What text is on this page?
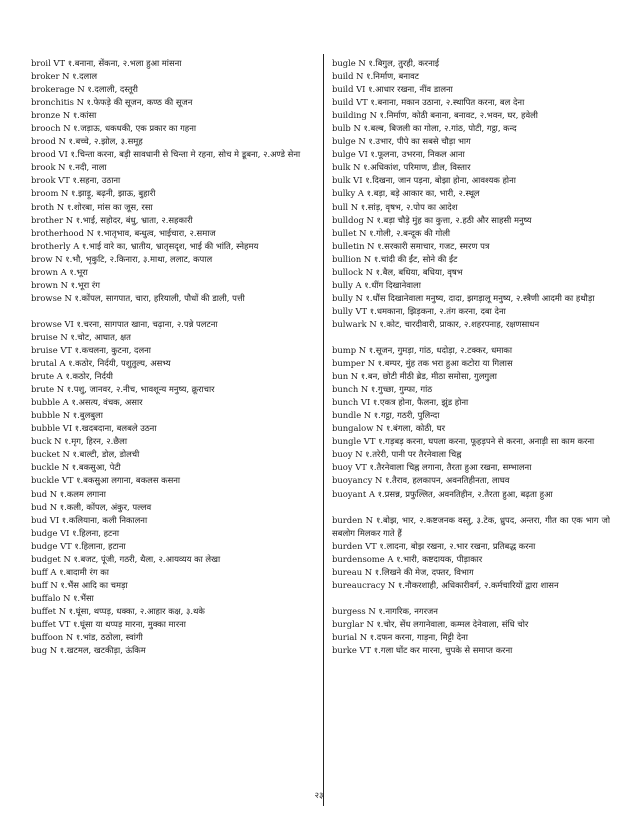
broil VT १.बनाना, सेंकना, २.भला हुआ मांसना
broker N १.दलाल
brokerage N १.दलाली, दस्तूरी
bronchitis N १.फेफड़े की सूजन, कण्ठ की सूजन
bronze N १.कांसा
brooch N १.जड़ाऊ, धकधकी, एक प्रकार का गहना
brood N १.बच्चे, २.झोल, ३.समूह
brood VI १.चिन्ता करना, बड़ी सावधानी से चिन्ता मे रहना, सोच मे डूबना, २.अण्डे सेना
brook N १.नदी, नाला
brook VT १.सहना, उठाना
broom N १.झाड़ू, बढ़नी, झाऊ, बुहारी
broth N १.शोरबा, मांस का जूस, रसा
brother N १.भाई, सहोदर, बंधु, भ्राता, २.सहकारी
brotherhood N १.भातृभाव, बन्धुत्व, भाईचारा, २.समाज
brotherly A १.भाई वारे का, भ्रातीय, भ्रातृसदृश, भाई की भांति, स्नेहमय
brow N १.भौ, भृकुटि, २.किनारा, ३.माथा, ललाट, कपाल
brown A १.भूरा
brown N १.भूरा रंग
browse N १.कोंपल, सागपात, चारा, हरियाली, पौधों की डाली, पत्ती
browse VI १.चरना, सागपात खाना, चढ़ाना, २.पन्ने पलटना
bruise N १.चोट, आघात, क्षत
bruise VT १.कचलना, कुटना, दलना
brutal A १.कठोर, निर्दयी, पशुतुल्य, असभ्य
brute A १.कठोर, निर्दयी
brute N १.पशु, जानवर, २.नीच, भावशून्य मनुष्य, क्रूराचार
bubble A १.असत्य, वंचक, असार
bubble N १.बुलबुला
bubble VI १.खदबदाना, बलबले उठना
buck N १.मृग, हिरन, २.छैला
bucket N १.बाल्टी, डोल, डोलची
buckle N १.बकसुआ, पेटी
buckle VT १.बकसुआ लगाना, बकलस कसना
bud N १.कलम लगाना
bud N १.कली, कोंपल, अंकुर, पल्लव
bud VI १.कलियाना, कली निकालना
budge VI १.हिलना, हटना
budge VT १.हिलाना, हटाना
budget N १.बजट, पूंजी, गठरी, थैला, २.आयव्यय का लेखा
buff A १.बादामी रंग का
buff N १.भैंस आदि का चमड़ा
buffalo N १.भैंसा
buffet N १.घूंसा, थप्पड़, धक्का, २.आहार कक्ष, ३.थके
buffet VT १.घूंसा या थप्पड़ मारना, मुक्का मारना
buffoon N १.भांड, ठठोला, स्वांगी
bug N १.खटमल, खटकीड़ा, ऊंकिम
bugle N १.बिगुल, तुरही, करनाई
build N १.निर्माण, बनावट
build VI १.आधार रखना, नींव डालना
build VT १.बनाना, मकान उठाना, २.स्थापित करना, बल देना
building N १.निर्माण, कोठी बनाना, बनावट, २.भवन, घर, हवेली
bulb N १.बल्ब, बिजली का गोला, २.गांठ, पोटी, गट्ठा, कन्द
bulge N १.उभार, पीपे का सबसे चौड़ा भाग
bulge VI १.फूलना, उभरना, निकल आना
bulk N १.अधिकांश, परिमाण, डील, विस्तार
bulk VI १.दिखना, जान पड़ना, बोझा होना, आवश्यक होना
bulky A १.बड़ा, बड़े आकार का, भारी, २.स्थूल
bull N १.सांड़, वृषभ, २.पोप का आदेश
bulldog N १.बड़ा चौड़े मुंह का कुत्ता, २.हठी और साहसी मनुष्य
bullet N १.गोली, २.बन्दूक की गोली
bulletin N १.सरकारी समाचार, गजट, स्मरण पत्र
bullion N १.चांदी की ईंट, सोने की ईंट
bullock N १.बैल, बधिया, बधिया, वृषभ
bully A १.धींग दिखानेवाला
bully N १.धौंस दिखानेवाला मनुष्य, दादा, झगड़ालू मनुष्य, २.स्त्रैणी आदमी का हथौड़ा
bully VT १.धमकाना, झिड़कना, २.तंग करना, दबा देना
bulwark N १.कोट, चारदीवारी, प्राकार, २.शहरपनाह, रक्षणसाधन
bump N १.सूजन, गुमड़ा, गांठ, धदोड़ा, २.टक्कर, धमाका
bumper N १.बम्पर, मुंह तक भरा हुआ कटोरा या गिलास
bun N १.बन, छोटी मीठी ब्रेड, मीठा समोसा, गुलगुला
bunch N १.गुच्छा, गुम्फा, गांठ
bunch VI १.एकत्र होना, फैलना, झुंड होना
bundle N १.गट्ठा, गठरी, पुलिन्दा
bungalow N १.बंगला, कोठी, घर
bungle VT १.गड़बड़ करना, घपला करना, फूहड़पने से करना, अनाड़ी सा काम करना
buoy N १.तरेरी, पानी पर तैरनेवाला चिह्न
buoy VT १.तैरनेवाला चिह्न लगाना, तैरता हुआ रखना, सम्भालना
buoyancy N १.तैराव, हलकापन, अवनतिहीनता, लाघव
buoyant A १.प्रसन्न, प्रफुल्लित, अवनतिहीन, २.तैरता हुआ, बढ़ता हुआ
burden N १.बोझ, भार, २.कष्टजनक वस्तु, ३.टेक, ध्रुपद, अन्तरा, गीत का एक भाग जो सबलोग मिलकर गाते हैं
burden VT १.लादना, बोझ रखना, २.भार रखना, प्रतिबद्ध करना
burdensome A १.भारी, कष्टदायक, पीड़ाकार
bureau N १.लिखने की मेज, दफ्तर, विभाग
bureaucracy N १.नौकरशाही, अधिकारीवर्ग, २.कर्मचारियों द्वारा शासन
burgess N १.नागरिक, नगरजन
burglar N १.चोर, सेंध लगानेवाला, कम्मल देनेवाला, संधि चोर
burial N १.दफन करना, गाड़ना, मिट्टी देना
burke VT १.गला घोंट कर मारना, चुपके से समाप्त करना
२३
